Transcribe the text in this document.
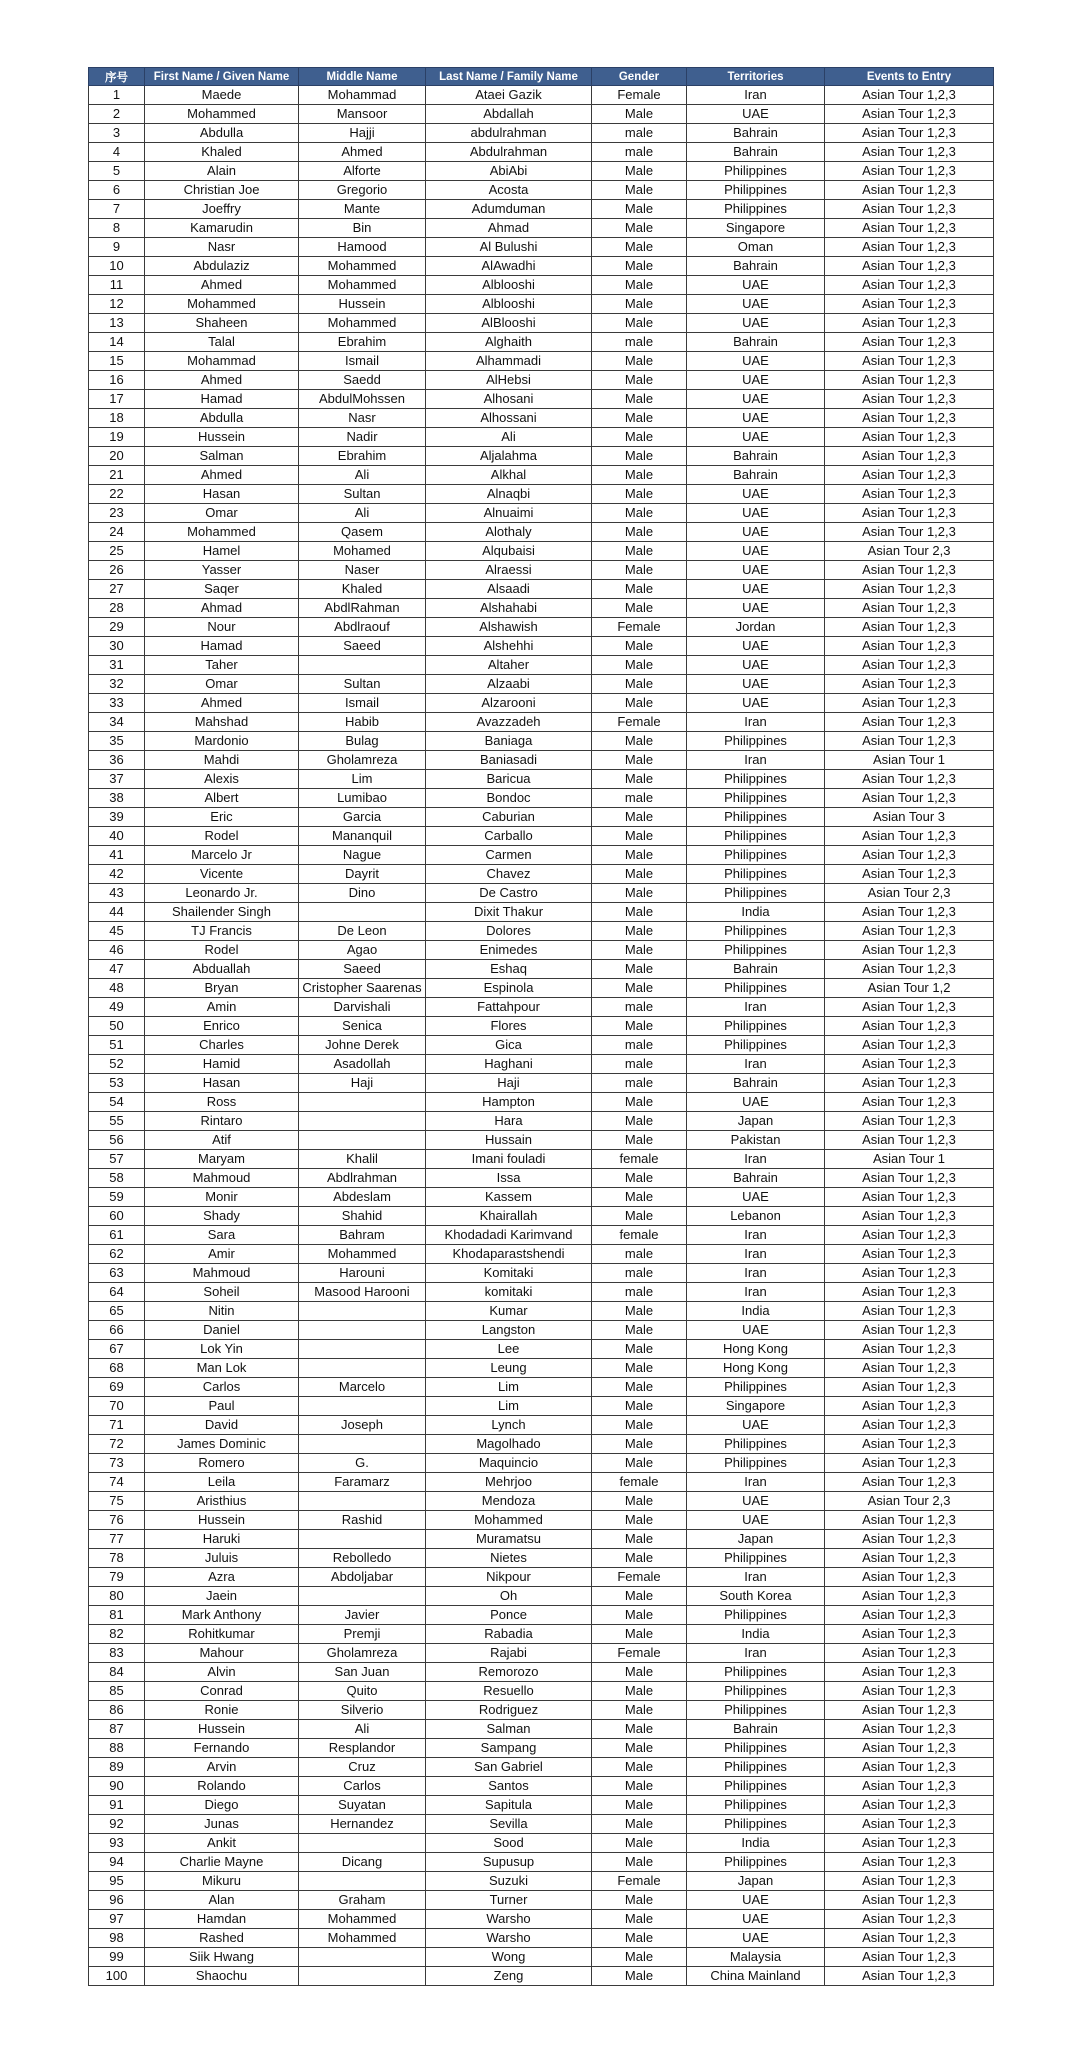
序号	First Name / Given Name	Middle Name	Last Name / Family Name	Gender	Territories	Events to Entry
1	Maede	Mohammad	Ataei Gazik	Female	Iran	Asian Tour 1,2,3
2	Mohammed	Mansoor	Abdallah	Male	UAE	Asian Tour 1,2,3
3	Abdulla	Hajji	abdulrahman	male	Bahrain	Asian Tour 1,2,3
4	Khaled	Ahmed	Abdulrahman	male	Bahrain	Asian Tour 1,2,3
5	Alain	Alforte	AbiAbi	Male	Philippines	Asian Tour 1,2,3
6	Christian Joe	Gregorio	Acosta	Male	Philippines	Asian Tour 1,2,3
7	Joeffry	Mante	Adumduman	Male	Philippines	Asian Tour 1,2,3
8	Kamarudin	Bin	Ahmad	Male	Singapore	Asian Tour 1,2,3
9	Nasr	Hamood	Al Bulushi	Male	Oman	Asian Tour 1,2,3
10	Abdulaziz	Mohammed	AlAwadhi	Male	Bahrain	Asian Tour 1,2,3
11	Ahmed	Mohammed	Alblooshi	Male	UAE	Asian Tour 1,2,3
12	Mohammed	Hussein	Alblooshi	Male	UAE	Asian Tour 1,2,3
13	Shaheen	Mohammed	AlBlooshi	Male	UAE	Asian Tour 1,2,3
14	Talal	Ebrahim	Alghaith	male	Bahrain	Asian Tour 1,2,3
15	Mohammad	Ismail	Alhammadi	Male	UAE	Asian Tour 1,2,3
16	Ahmed	Saedd	AlHebsi	Male	UAE	Asian Tour 1,2,3
17	Hamad	AbdulMohssen	Alhosani	Male	UAE	Asian Tour 1,2,3
18	Abdulla	Nasr	Alhossani	Male	UAE	Asian Tour 1,2,3
19	Hussein	Nadir	Ali	Male	UAE	Asian Tour 1,2,3
20	Salman	Ebrahim	Aljalahma	Male	Bahrain	Asian Tour 1,2,3
21	Ahmed	Ali	Alkhal	Male	Bahrain	Asian Tour 1,2,3
22	Hasan	Sultan	Alnaqbi	Male	UAE	Asian Tour 1,2,3
23	Omar	Ali	Alnuaimi	Male	UAE	Asian Tour 1,2,3
24	Mohammed	Qasem	Alothaly	Male	UAE	Asian Tour 1,2,3
25	Hamel	Mohamed	Alqubaisi	Male	UAE	Asian Tour 2,3
26	Yasser	Naser	Alraessi	Male	UAE	Asian Tour 1,2,3
27	Saqer	Khaled	Alsaadi	Male	UAE	Asian Tour 1,2,3
28	Ahmad	AbdlRahman	Alshahabi	Male	UAE	Asian Tour 1,2,3
29	Nour	Abdlraouf	Alshawish	Female	Jordan	Asian Tour 1,2,3
30	Hamad	Saeed	Alshehhi	Male	UAE	Asian Tour 1,2,3
31	Taher		Altaher	Male	UAE	Asian Tour 1,2,3
32	Omar	Sultan	Alzaabi	Male	UAE	Asian Tour 1,2,3
33	Ahmed	Ismail	Alzarooni	Male	UAE	Asian Tour 1,2,3
34	Mahshad	Habib	Avazzadeh	Female	Iran	Asian Tour 1,2,3
35	Mardonio	Bulag	Baniaga	Male	Philippines	Asian Tour 1,2,3
36	Mahdi	Gholamreza	Baniasadi	Male	Iran	Asian Tour 1
37	Alexis	Lim	Baricua	Male	Philippines	Asian Tour 1,2,3
38	Albert	Lumibao	Bondoc	male	Philippines	Asian Tour 1,2,3
39	Eric	Garcia	Caburian	Male	Philippines	Asian Tour 3
40	Rodel	Mananquil	Carballo	Male	Philippines	Asian Tour 1,2,3
41	Marcelo Jr	Nague	Carmen	Male	Philippines	Asian Tour 1,2,3
42	Vicente	Dayrit	Chavez	Male	Philippines	Asian Tour 1,2,3
43	Leonardo Jr.	Dino	De Castro	Male	Philippines	Asian Tour 2,3
44	Shailender Singh		Dixit Thakur	Male	India	Asian Tour 1,2,3
45	TJ Francis	De Leon	Dolores	Male	Philippines	Asian Tour 1,2,3
46	Rodel	Agao	Enimedes	Male	Philippines	Asian Tour 1,2,3
47	Abduallah	Saeed	Eshaq	Male	Bahrain	Asian Tour 1,2,3
48	Bryan	Cristopher Saarenas	Espinola	Male	Philippines	Asian Tour 1,2
49	Amin	Darvishali	Fattahpour	male	Iran	Asian Tour 1,2,3
50	Enrico	Senica	Flores	Male	Philippines	Asian Tour 1,2,3
51	Charles	Johne Derek	Gica	male	Philippines	Asian Tour 1,2,3
52	Hamid	Asadollah	Haghani	male	Iran	Asian Tour 1,2,3
53	Hasan	Haji	Haji	male	Bahrain	Asian Tour 1,2,3
54	Ross		Hampton	Male	UAE	Asian Tour 1,2,3
55	Rintaro		Hara	Male	Japan	Asian Tour 1,2,3
56	Atif		Hussain	Male	Pakistan	Asian Tour 1,2,3
57	Maryam	Khalil	Imani fouladi	female	Iran	Asian Tour 1
58	Mahmoud	Abdlrahman	Issa	Male	Bahrain	Asian Tour 1,2,3
59	Monir	Abdeslam	Kassem	Male	UAE	Asian Tour 1,2,3
60	Shady	Shahid	Khairallah	Male	Lebanon	Asian Tour 1,2,3
61	Sara	Bahram	Khodadadi Karimvand	female	Iran	Asian Tour 1,2,3
62	Amir	Mohammed	Khodaparastshendi	male	Iran	Asian Tour 1,2,3
63	Mahmoud	Harouni	Komitaki	male	Iran	Asian Tour 1,2,3
64	Soheil	Masood Harooni	komitaki	male	Iran	Asian Tour 1,2,3
65	Nitin		Kumar	Male	India	Asian Tour 1,2,3
66	Daniel		Langston	Male	UAE	Asian Tour 1,2,3
67	Lok Yin		Lee	Male	Hong Kong	Asian Tour 1,2,3
68	Man Lok		Leung	Male	Hong Kong	Asian Tour 1,2,3
69	Carlos	Marcelo	Lim	Male	Philippines	Asian Tour 1,2,3
70	Paul		Lim	Male	Singapore	Asian Tour 1,2,3
71	David	Joseph	Lynch	Male	UAE	Asian Tour 1,2,3
72	James Dominic		Magolhado	Male	Philippines	Asian Tour 1,2,3
73	Romero	G.	Maquincio	Male	Philippines	Asian Tour 1,2,3
74	Leila	Faramarz	Mehrjoo	female	Iran	Asian Tour 1,2,3
75	Aristhius		Mendoza	Male	UAE	Asian Tour 2,3
76	Hussein	Rashid	Mohammed	Male	UAE	Asian Tour 1,2,3
77	Haruki		Muramatsu	Male	Japan	Asian Tour 1,2,3
78	Juluis	Rebolledo	Nietes	Male	Philippines	Asian Tour 1,2,3
79	Azra	Abdoljabar	Nikpour	Female	Iran	Asian Tour 1,2,3
80	Jaein		Oh	Male	South Korea	Asian Tour 1,2,3
81	Mark Anthony	Javier	Ponce	Male	Philippines	Asian Tour 1,2,3
82	Rohitkumar	Premji	Rabadia	Male	India	Asian Tour 1,2,3
83	Mahour	Gholamreza	Rajabi	Female	Iran	Asian Tour 1,2,3
84	Alvin	San Juan	Remorozo	Male	Philippines	Asian Tour 1,2,3
85	Conrad	Quito	Resuello	Male	Philippines	Asian Tour 1,2,3
86	Ronie	Silverio	Rodriguez	Male	Philippines	Asian Tour 1,2,3
87	Hussein	Ali	Salman	Male	Bahrain	Asian Tour 1,2,3
88	Fernando	Resplandor	Sampang	Male	Philippines	Asian Tour 1,2,3
89	Arvin	Cruz	San Gabriel	Male	Philippines	Asian Tour 1,2,3
90	Rolando	Carlos	Santos	Male	Philippines	Asian Tour 1,2,3
91	Diego	Suyatan	Sapitula	Male	Philippines	Asian Tour 1,2,3
92	Junas	Hernandez	Sevilla	Male	Philippines	Asian Tour 1,2,3
93	Ankit		Sood	Male	India	Asian Tour 1,2,3
94	Charlie Mayne	Dicang	Supusup	Male	Philippines	Asian Tour 1,2,3
95	Mikuru		Suzuki	Female	Japan	Asian Tour 1,2,3
96	Alan	Graham	Turner	Male	UAE	Asian Tour 1,2,3
97	Hamdan	Mohammed	Warsho	Male	UAE	Asian Tour 1,2,3
98	Rashed	Mohammed	Warsho	Male	UAE	Asian Tour 1,2,3
99	Siik Hwang		Wong	Male	Malaysia	Asian Tour 1,2,3
100	Shaochu		Zeng	Male	China Mainland	Asian Tour 1,2,3
